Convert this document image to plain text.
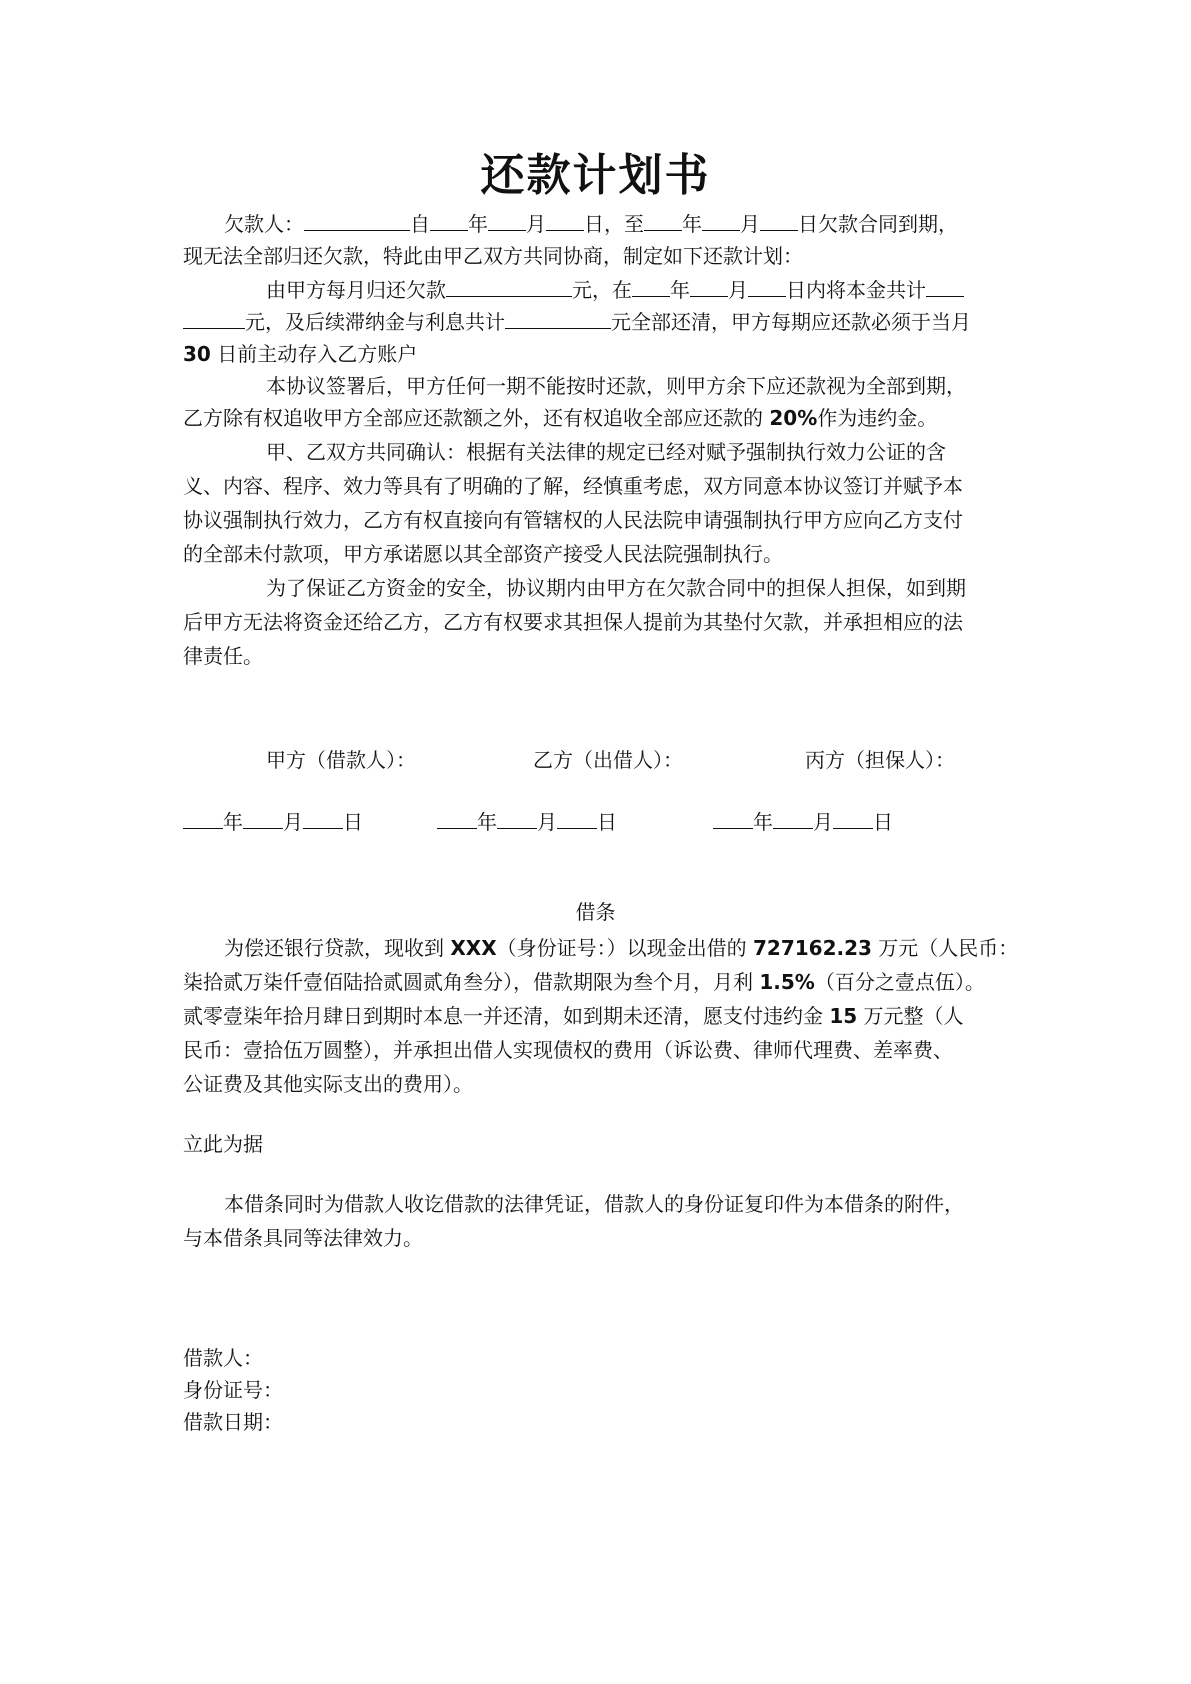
还款计划书
欠款人：	自 年 月 日，至 年 月 日欠款合同到期，
现无法全部归还欠款，特此由甲乙双方共同协商，制定如下还款计划：
由甲方每月归还欠款	元，在 年 月 日内将本金共计
元，及后续滞纳金与利息共计	元全部还清，甲方每期应还款必须于当月
30 日前主动存入乙方账户
本协议签署后，甲方任何一期不能按时还款，则甲方余下应还款视为全部到期，
乙方除有权追收甲方全部应还款额之外，还有权追收全部应还款的 20%作为违约金。
甲、乙双方共同确认：根据有关法律的规定已经对赋予强制执行效力公证的含
义、内容、程序、效力等具有了明确的了解，经慎重考虑，双方同意本协议签订并赋予本
协议强制执行效力，乙方有权直接向有管辖权的人民法院申请强制执行甲方应向乙方支付
的全部未付款项，甲方承诺愿以其全部资产接受人民法院强制执行。
为了保证乙方资金的安全，协议期内由甲方在欠款合同中的担保人担保，如到期
后甲方无法将资金还给乙方，乙方有权要求其担保人提前为其垫付欠款，并承担相应的法
律责任。
甲方（借款人）：	乙方（出借人）：	丙方（担保人）：
年 月 日	年 月 日	年 月 日
借条
为偿还银行贷款，现收到 XXX（身份证号：）以现金出借的 727162.23 万元（人民币：
柒拾贰万柒仟壹佰陆拾贰圆贰角叁分），借款期限为叁个月，月利 1.5%（百分之壹点伍）。
贰零壹柒年拾月肆日到期时本息一并还清，如到期未还清，愿支付违约金 15 万元整（人
民币：壹拾伍万圆整），并承担出借人实现债权的费用（诉讼费、律师代理费、差率费、
公证费及其他实际支出的费用）。
立此为据
本借条同时为借款人收讫借款的法律凭证，借款人的身份证复印件为本借条的附件，
与本借条具同等法律效力。
借款人：
身份证号：
借款日期：
